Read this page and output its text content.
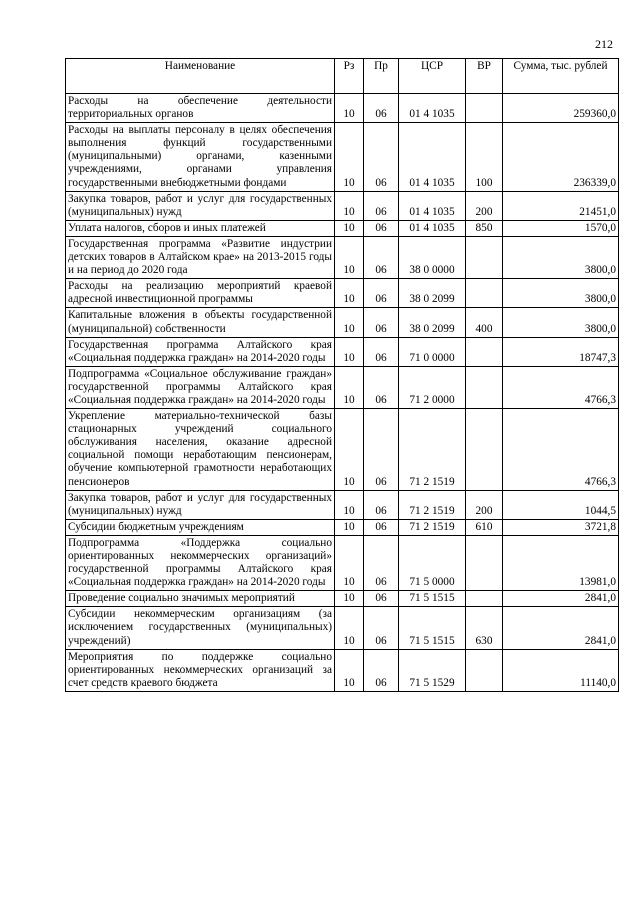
212
Наименование	Рз	Пр	ЦСР	ВР	Сумма, тыс. рублей
Расходы на обеспечение деятельности территориальных органов	10	06	01 4 1035		259360,0
Расходы на выплаты персоналу в целях обеспечения выполнения функций государственными (муниципальными) органами, казенными учреждениями, органами управления государственными внебюджетными фондами	10	06	01 4 1035	100	236339,0
Закупка товаров, работ и услуг для государственных (муниципальных) нужд	10	06	01 4 1035	200	21451,0
Уплата налогов, сборов и иных платежей	10	06	01 4 1035	850	1570,0
Государственная программа «Развитие индустрии детских товаров в Алтайском крае» на 2013-2015 годы и на период до 2020 года	10	06	38 0 0000		3800,0
Расходы на реализацию мероприятий краевой адресной инвестиционной программы	10	06	38 0 2099		3800,0
Капитальные вложения в объекты государственной (муниципальной) собственности	10	06	38 0 2099	400	3800,0
Государственная программа Алтайского края «Социальная поддержка граждан» на 2014-2020 годы	10	06	71 0 0000		18747,3
Подпрограмма «Социальное обслуживание граждан» государственной программы Алтайского края «Социальная поддержка граждан» на 2014-2020 годы	10	06	71 2 0000		4766,3
Укрепление материально-технической базы стационарных учреждений социального обслуживания населения, оказание адресной социальной помощи неработающим пенсионерам, обучение компьютерной грамотности неработающих пенсионеров	10	06	71 2 1519		4766,3
Закупка товаров, работ и услуг для государственных (муниципальных) нужд	10	06	71 2 1519	200	1044,5
Субсидии бюджетным учреждениям	10	06	71 2 1519	610	3721,8
Подпрограмма «Поддержка социально ориентированных некоммерческих организаций» государственной программы Алтайского края «Социальная поддержка граждан» на 2014-2020 годы	10	06	71 5 0000		13981,0
Проведение социально значимых мероприятий	10	06	71 5 1515		2841,0
Субсидии некоммерческим организациям (за исключением государственных (муниципальных) учреждений)	10	06	71 5 1515	630	2841,0
Мероприятия по поддержке социально ориентированных некоммерческих организаций за счет средств краевого бюджета	10	06	71 5 1529		11140,0
